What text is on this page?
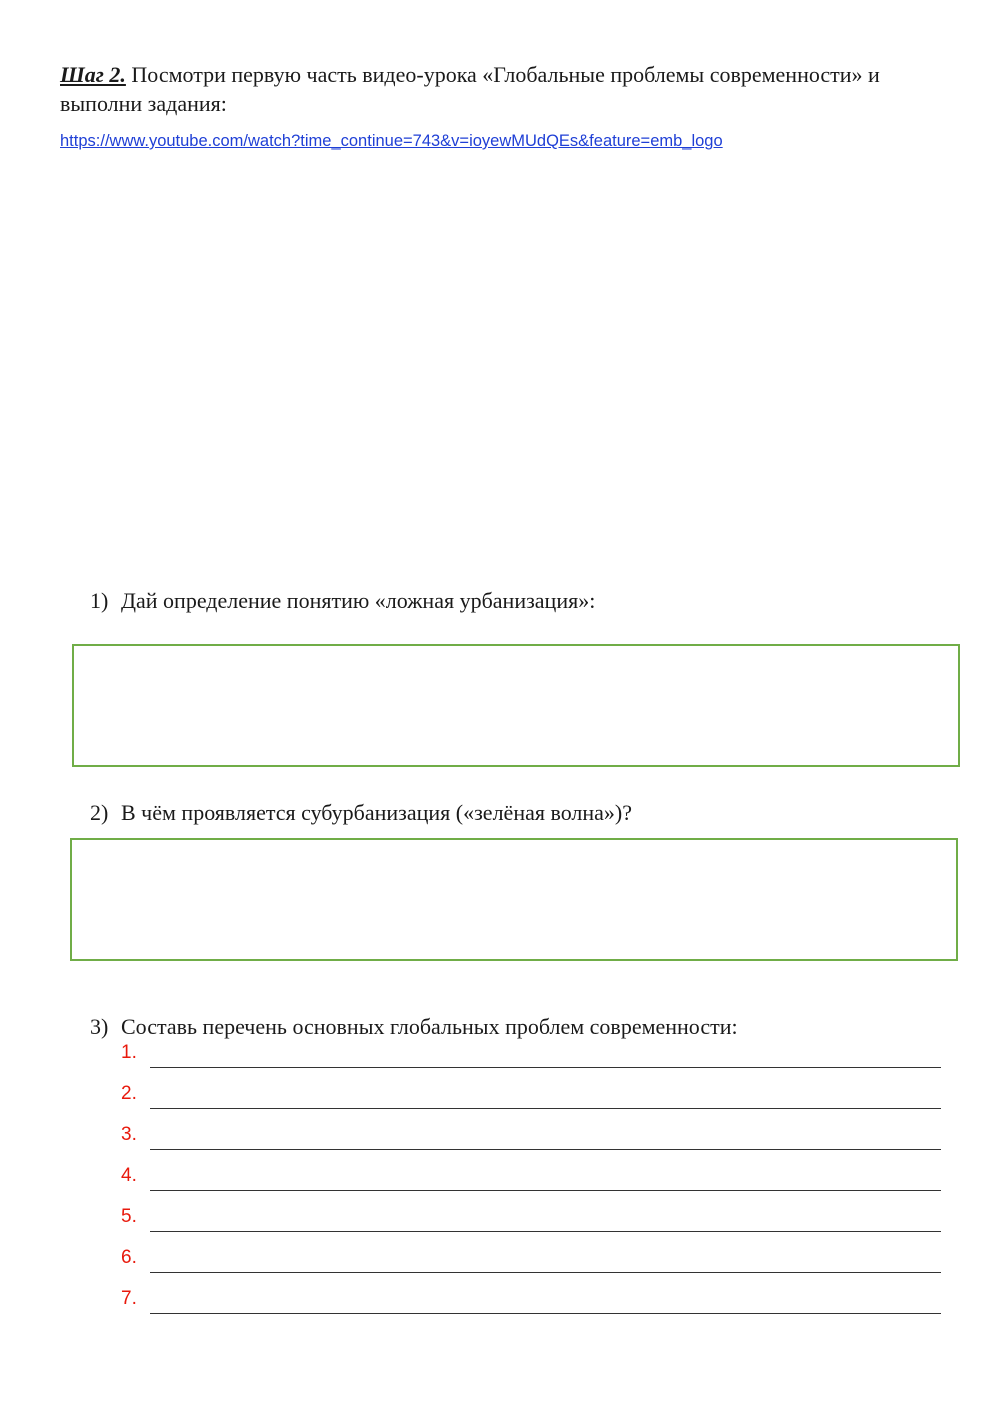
Шаг 2. Посмотри первую часть видео-урока «Глобальные проблемы современности» и выполни задания:
https://www.youtube.com/watch?time_continue=743&v=ioyewMUdQEs&feature=emb_logo
1) Дай определение понятию «ложная урбанизация»:
2) В чём проявляется субурбанизация («зелёная волна»)?
3) Составь перечень основных глобальных проблем современности:
1.
2.
3.
4.
5.
6.
7.
